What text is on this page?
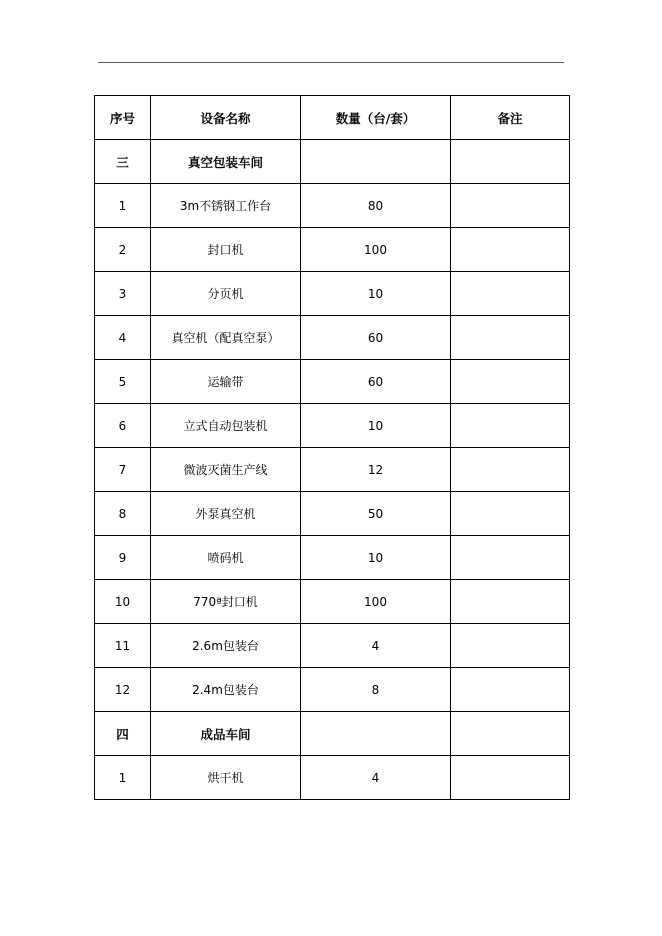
序号	设备名称	数量（台/套）	备注
三	真空包装车间		
1	3m不锈钢工作台	80	
2	封口机	100	
3	分页机	10	
4	真空机（配真空泵）	60	
5	运输带	60	
6	立式自动包装机	10	
7	微波灭菌生产线	12	
8	外泵真空机	50	
9	喷码机	10	
10	770ª封口机	100	
11	2.6m包装台	4	
12	2.4m包装台	8	
四	成品车间		
1	烘干机	4	
